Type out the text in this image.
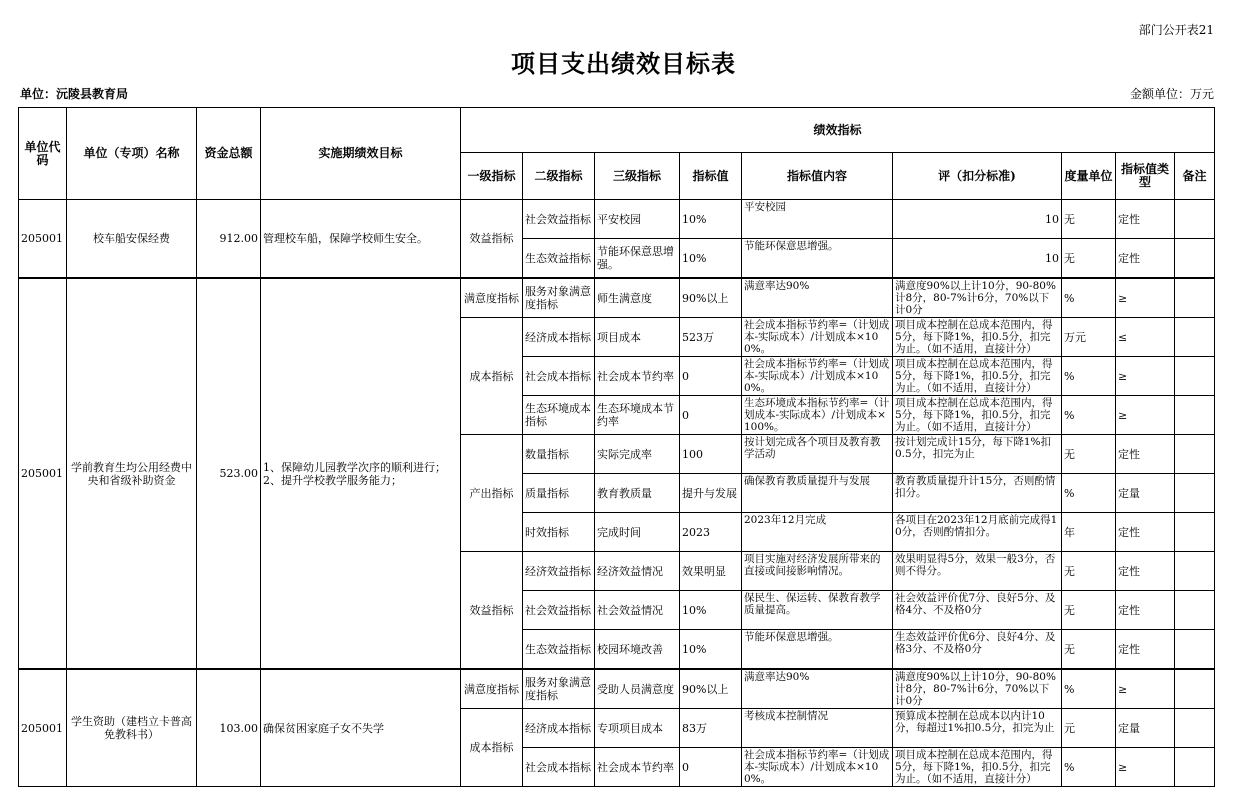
部门公开表21
项目支出绩效目标表
单位：沅陵县教育局	金额单位：万元
单位代码	单位（专项）名称	资金总额	实施期绩效目标	绩效指标								
				一级指标	二级指标	三级指标	指标值	指标值内容	评（扣分标准)	度量单位	指标值类型	备注
205001	校车船安保经费	912.00	管理校车船，保障学校师生安全。	效益指标	社会效益指标	平安校园	10%	平安校园	10	无	定性	
					生态效益指标	节能环保意思增强。	10%	节能环保意思增强。	10	无	定性	
205001	学前教育生均公用经费中央和省级补助资金	523.00	1、保障幼儿园教学次序的顺利进行；2、提升学校教学服务能力；	满意度指标	服务对象满意度指标	师生满意度	90%以上	满意率达90%	满意度90%以上计10分，90-80%计8分，80-7%计6分，70%以下计0分	%	≥	
				成本指标	经济成本指标	项目成本	523万	社会成本指标节约率=（计划成本-实际成本）/计划成本×100%。	项目成本控制在总成本范围内，得5分，每下降1%，扣0.5分，扣完为止。（如不适用，直接计分）	万元	≤	
					社会成本指标	社会成本节约率	0	社会成本指标节约率=（计划成本-实际成本）/计划成本×100%。	项目成本控制在总成本范围内，得5分，每下降1%，扣0.5分，扣完为止。（如不适用，直接计分）	%	≥	
					生态环境成本指标	生态环境成本节约率	0	生态环境成本指标节约率=（计划成本-实际成本）/计划成本×100%。	项目成本控制在总成本范围内，得5分，每下降1%，扣0.5分，扣完为止。（如不适用，直接计分）	%	≥	
				产出指标	数量指标	实际完成率	100	按计划完成各个项目及教育教学活动	按计划完成计15分，每下降1%扣0.5分，扣完为止	无	定性	
					质量指标	教育教质量	提升与发展	确保教育教质量提升与发展	教育教质量提升计15分，否则酌情扣分。	%	定量	
					时效指标	完成时间	2023	2023年12月完成	各项目在2023年12月底前完成得10分，否则酌情扣分。	年	定性	
				效益指标	经济效益指标	经济效益情况	效果明显	项目实施对经济发展所带来的直接或间接影响情况。	效果明显得5分，效果一般3分，否则不得分。	无	定性	
					社会效益指标	社会效益情况	10%	保民生、保运转、保教育教学质量提高。	社会效益评价优7分、良好5分、及格4分、不及格0分	无	定性	
					生态效益指标	校园环境改善	10%	节能环保意思增强。	生态效益评价优6分、良好4分、及格3分、不及格0分	无	定性	
205001	学生资助（建档立卡普高免教科书）	103.00	确保贫困家庭子女不失学	满意度指标	服务对象满意度指标	受助人员满意度	90%以上	满意率达90%	满意度90%以上计10分，90-80%计8分，80-7%计6分，70%以下计0分	%	≥	
				成本指标	经济成本指标	专项项目成本	83万	考核成本控制情况	预算成本控制在总成本以内计10分，每超过1%扣0.5分，扣完为止	元	定量	
					社会成本指标	社会成本节约率	0	社会成本指标节约率=（计划成本-实际成本）/计划成本×100%。	项目成本控制在总成本范围内，得5分，每下降1%，扣0.5分，扣完为止。（如不适用，直接计分）	%	≥	
